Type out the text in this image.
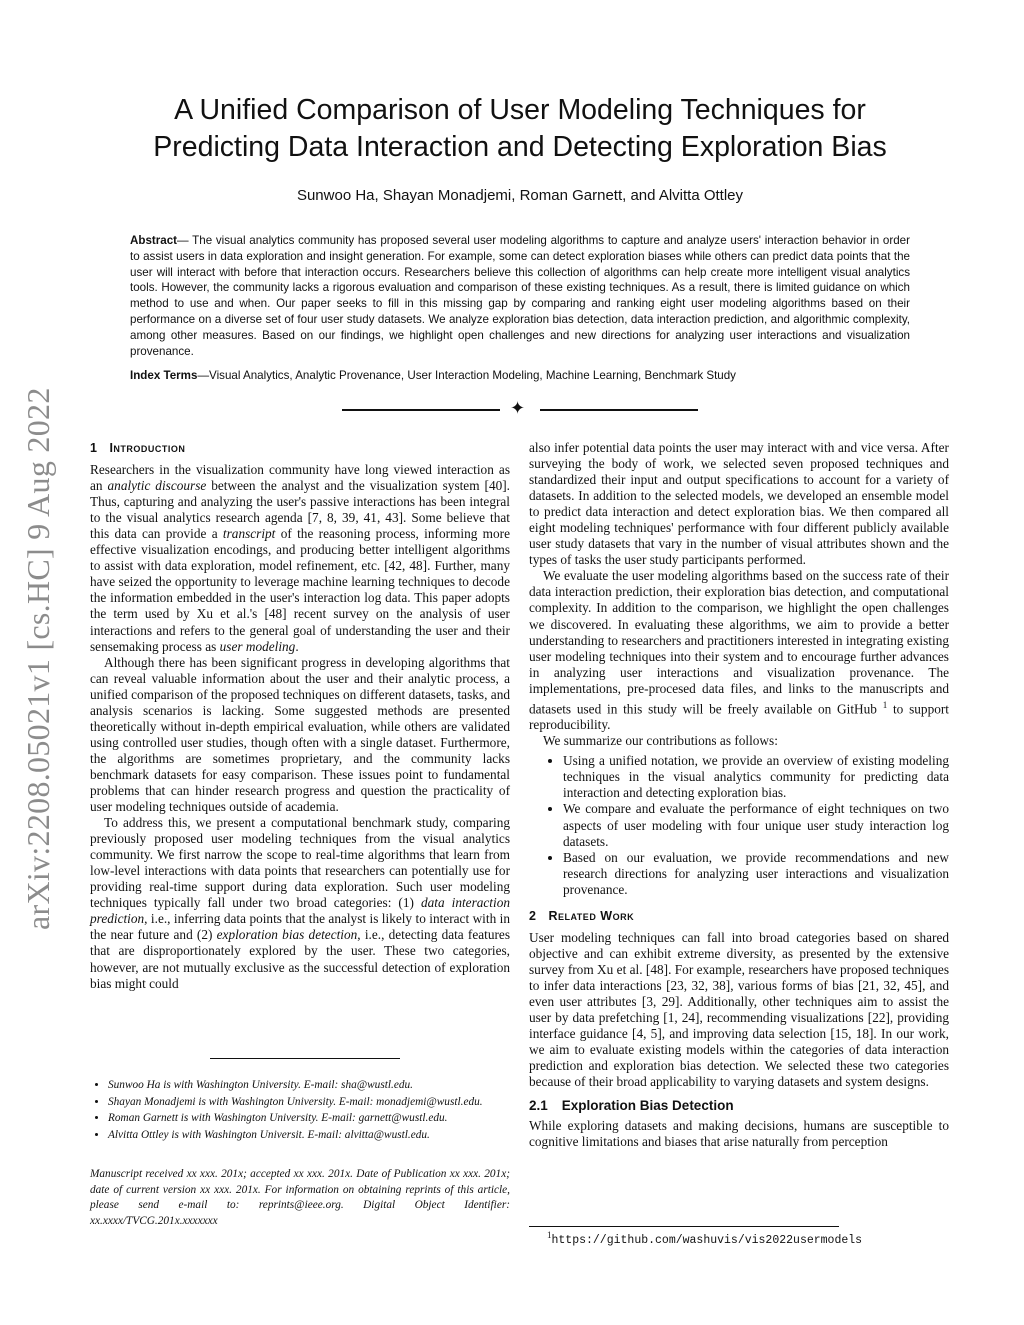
arXiv:2208.05021v1 [cs.HC] 9 Aug 2022
A Unified Comparison of User Modeling Techniques for
Predicting Data Interaction and Detecting Exploration Bias
Sunwoo Ha, Shayan Monadjemi, Roman Garnett, and Alvitta Ottley

Abstract— The visual analytics community has proposed several user modeling algorithms to capture and analyze users' interaction behavior in order to assist users in data exploration and insight generation. For example, some can detect exploration biases while others can predict data points that the user will interact with before that interaction occurs. Researchers believe this collection of algorithms can help create more intelligent visual analytics tools. However, the community lacks a rigorous evaluation and comparison of these existing techniques. As a result, there is limited guidance on which method to use and when. Our paper seeks to fill in this missing gap by comparing and ranking eight user modeling algorithms based on their performance on a diverse set of four user study datasets. We analyze exploration bias detection, data interaction prediction, and algorithmic complexity, among other measures. Based on our findings, we highlight open challenges and new directions for analyzing user interactions and visualization provenance.

Index Terms—Visual Analytics, Analytic Provenance, User Interaction Modeling, Machine Learning, Benchmark Study

✦
1 Introduction

Researchers in the visualization community have long viewed interaction as an analytic discourse between the analyst and the visualization system [40]. Thus, capturing and analyzing the user's passive interactions has been integral to the visual analytics research agenda [7, 8, 39, 41, 43]. Some believe that this data can provide a transcript of the reasoning process, informing more effective visualization encodings, and producing better intelligent algorithms to assist with data exploration, model refinement, etc. [42, 48]. Further, many have seized the opportunity to leverage machine learning techniques to decode the information embedded in the user's interaction log data. This paper adopts the term used by Xu et al.'s [48] recent survey on the analysis of user interactions and refers to the general goal of understanding the user and their sensemaking process as user modeling.

Although there has been significant progress in developing algorithms that can reveal valuable information about the user and their analytic process, a unified comparison of the proposed techniques on different datasets, tasks, and analysis scenarios is lacking. Some suggested methods are presented theoretically without in-depth empirical evaluation, while others are validated using controlled user studies, though often with a single dataset. Furthermore, the algorithms are sometimes proprietary, and the community lacks benchmark datasets for easy comparison. These issues point to fundamental problems that can hinder research progress and question the practicality of user modeling techniques outside of academia.

To address this, we present a computational benchmark study, comparing previously proposed user modeling techniques from the visual analytics community. We first narrow the scope to real-time algorithms that learn from low-level interactions with data points that researchers can potentially use for providing real-time support during data exploration. Such user modeling techniques typically fall under two broad categories: (1) data interaction prediction, i.e., inferring data points that the analyst is likely to interact with in the near future and (2) exploration bias detection, i.e., detecting data features that are disproportionately explored by the user. These two categories, however, are not mutually exclusive as the successful detection of exploration bias might could

• Sunwoo Ha is with Washington University. E-mail: sha@wustl.edu.
• Shayan Monadjemi is with Washington University. E-mail: monadjemi@wustl.edu.
• Roman Garnett is with Washington University. E-mail: garnett@wustl.edu.
• Alvitta Ottley is with Washington Universit. E-mail: alvitta@wustl.edu.
Manuscript received xx xxx. 201x; accepted xx xxx. 201x. Date of Publication xx xxx. 201x; date of current version xx xxx. 201x. For information on obtaining reprints of this article, please send e-mail to: reprints@ieee.org. Digital Object Identifier: xx.xxxx/TVCG.201x.xxxxxxx

also infer potential data points the user may interact with and vice versa. After surveying the body of work, we selected seven proposed techniques and standardized their input and output specifications to account for a variety of datasets. In addition to the selected models, we developed an ensemble model to predict data interaction and detect exploration bias. We then compared all eight modeling techniques' performance with four different publicly available user study datasets that vary in the number of visual attributes shown and the types of tasks the user study participants performed.

We evaluate the user modeling algorithms based on the success rate of their data interaction prediction, their exploration bias detection, and computational complexity. In addition to the comparison, we highlight the open challenges we discovered. In evaluating these algorithms, we aim to provide a better understanding to researchers and practitioners interested in integrating existing user modeling techniques into their system and to encourage further advances in analyzing user interactions and visualization provenance. The implementations, pre-procesed data files, and links to the manuscripts and datasets used in this study will be freely available on GitHub $^1$ to support reproducibility.

We summarize our contributions as follows:

• Using a unified notation, we provide an overview of existing modeling techniques in the visual analytics community for predicting data interaction and detecting exploration bias.
• We compare and evaluate the performance of eight techniques on two aspects of user modeling with four unique user study interaction log datasets.
• Based on our evaluation, we provide recommendations and new research directions for analyzing user interactions and visualization provenance.
2 Related Work

User modeling techniques can fall into broad categories based on shared objective and can exhibit extreme diversity, as presented by the extensive survey from Xu et al. [48]. For example, researchers have proposed techniques to infer data interactions [23, 32, 38], various forms of bias [21, 32, 45], and even user attributes [3, 29]. Additionally, other techniques aim to assist the user by data prefetching [1, 24], recommending visualizations [22], providing interface guidance [4, 5], and improving data selection [15, 18]. In our work, we aim to evaluate existing models within the categories of data interaction prediction and exploration bias detection. We selected these two categories because of their broad applicability to varying datasets and system designs.

2.1 Exploration Bias Detection

While exploring datasets and making decisions, humans are susceptible to cognitive limitations and biases that arise naturally from perception

$^1$https://github.com/washuvis/vis2022usermodels
